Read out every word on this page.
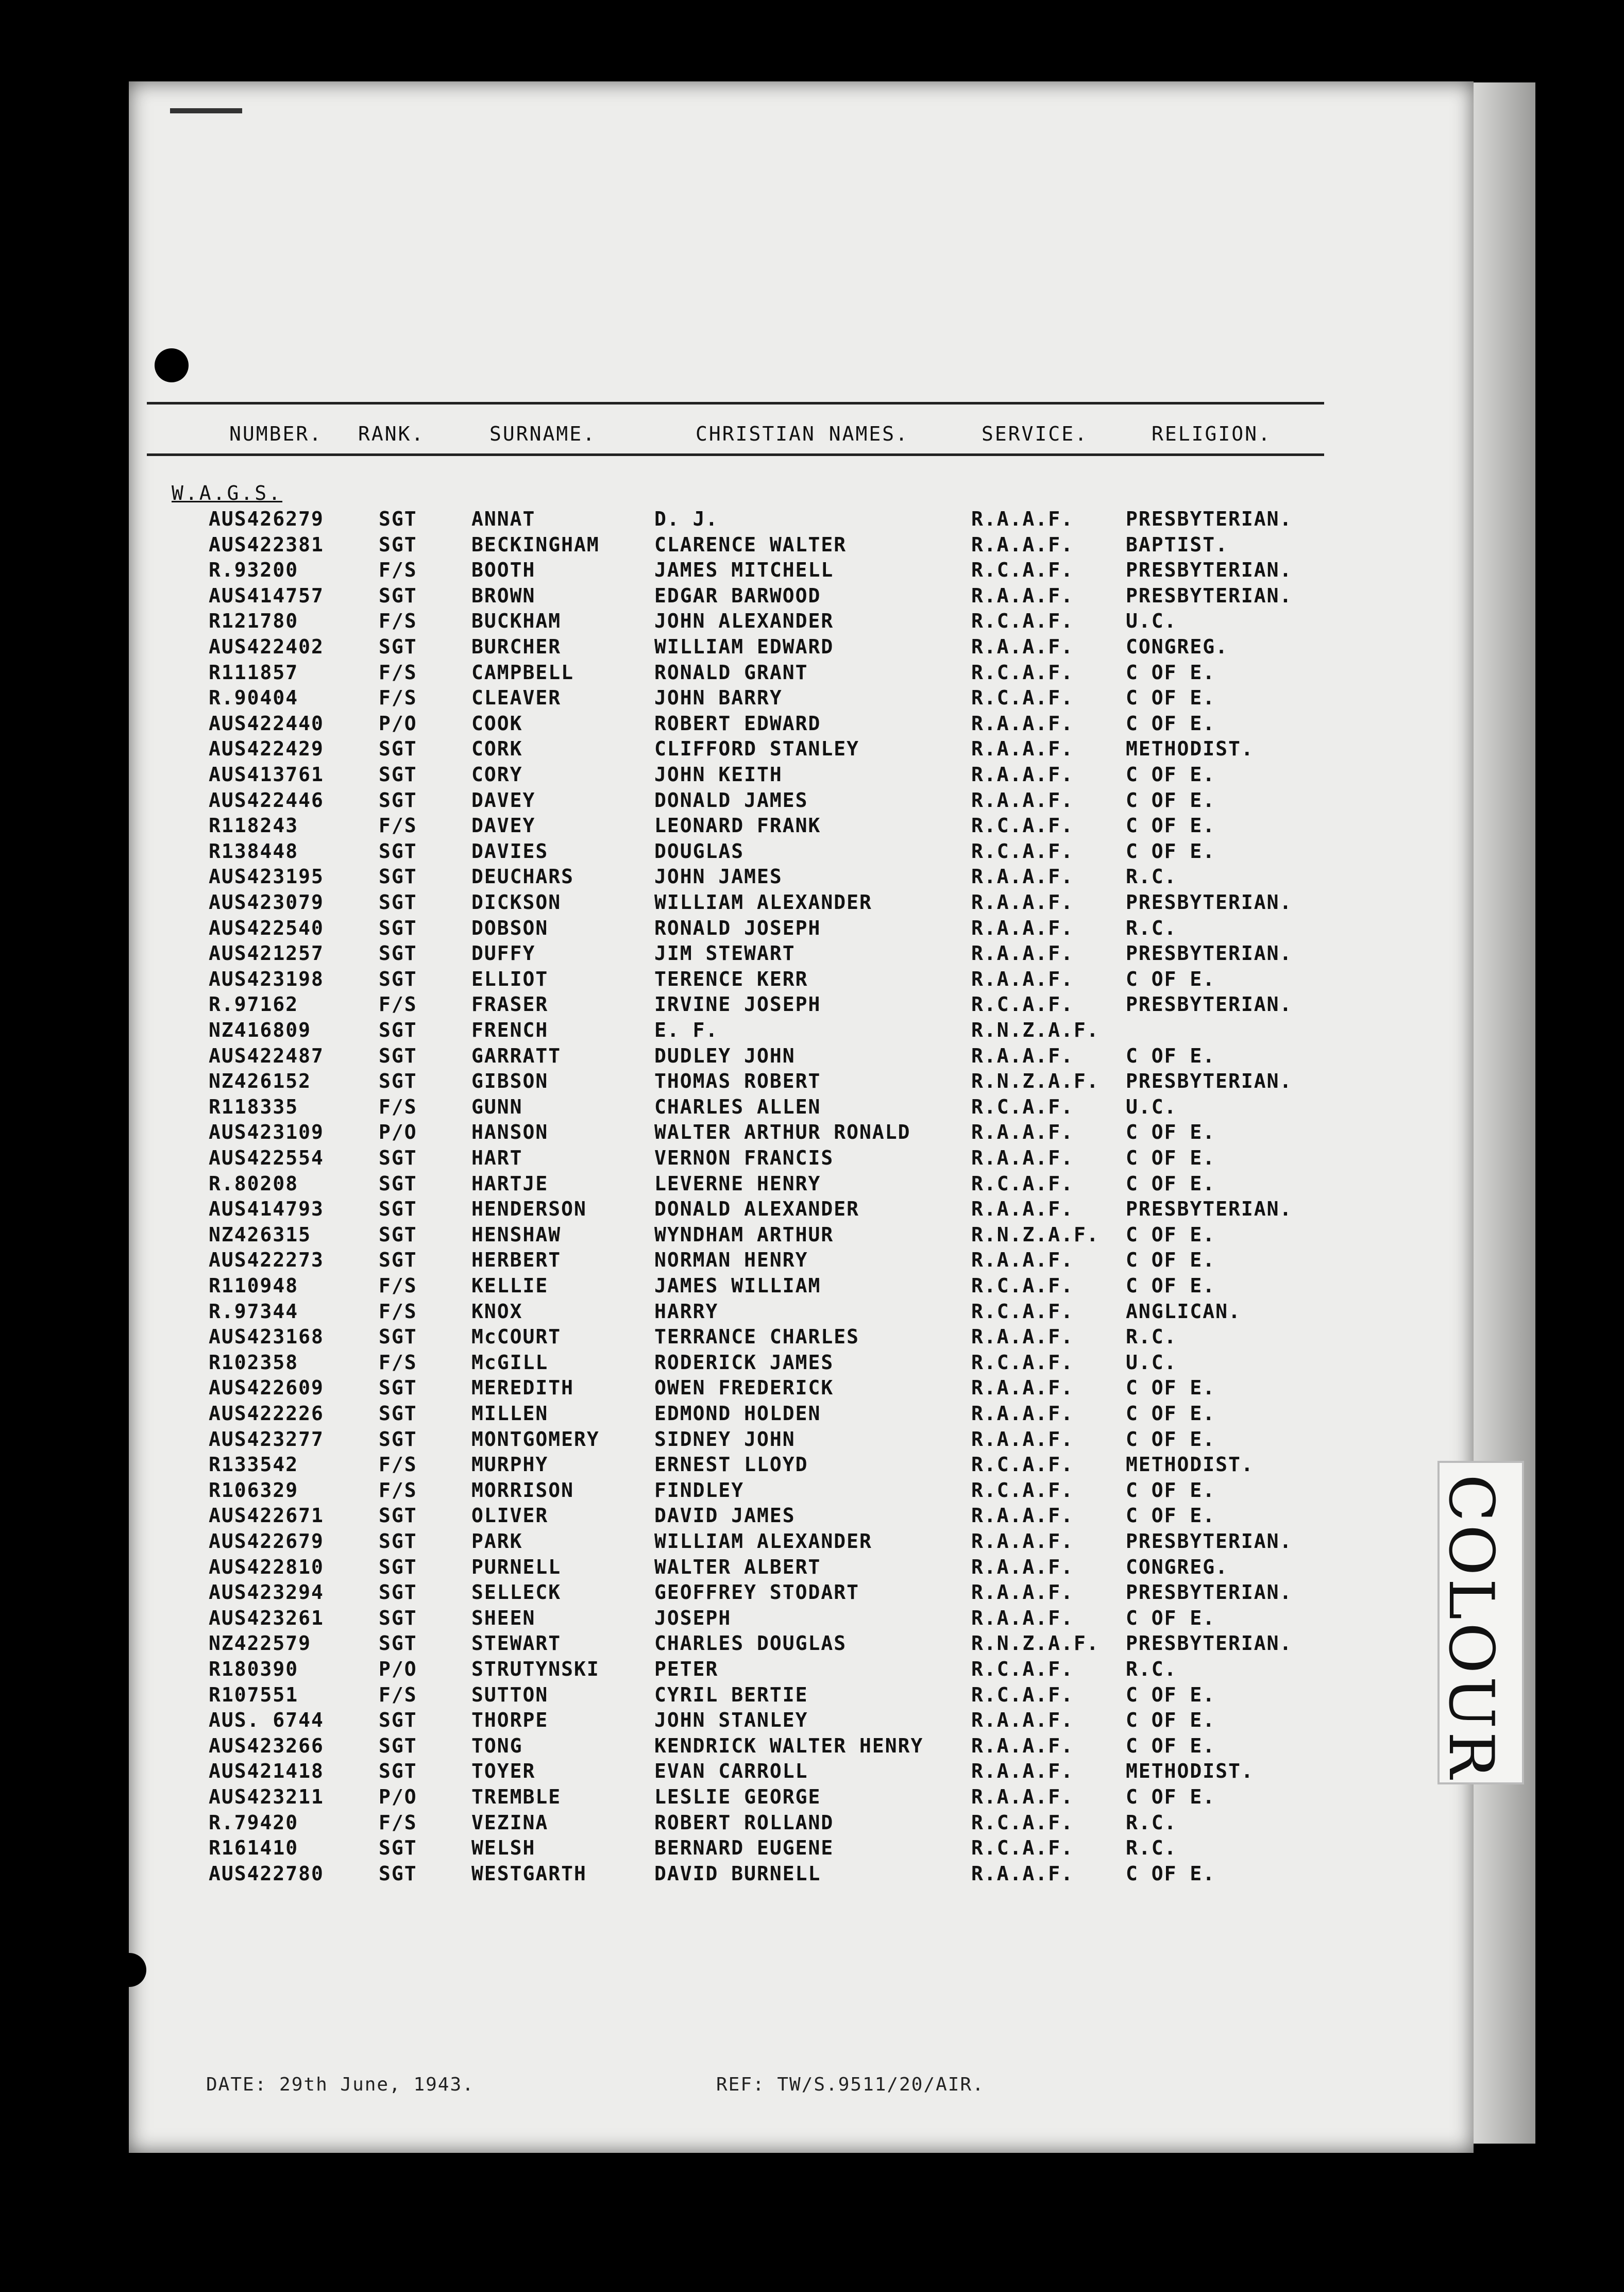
NUMBER. RANK.	SURNAME.	CHRISTIAN NAMES.	SERVICE.	RELIGION.
W.A.G.S.
AUS426279	SGT	ANNAT	D. J.	R.A.A.F.	PRESBYTERIAN.
AUS422381	SGT	BECKINGHAM	CLARENCE WALTER	R.A.A.F.	BAPTIST.
R.93200	F/S	BOOTH	JAMES MITCHELL	R.C.A.F.	PRESBYTERIAN.
AUS414757	SGT	BROWN	EDGAR BARWOOD	R.A.A.F.	PRESBYTERIAN.
R121780	F/S	BUCKHAM	JOHN ALEXANDER	R.C.A.F.	U.C.
AUS422402	SGT	BURCHER	WILLIAM EDWARD	R.A.A.F.	CONGREG.
R111857	F/S	CAMPBELL	RONALD GRANT	R.C.A.F.	C OF E.
R.90404	F/S	CLEAVER	JOHN BARRY	R.C.A.F.	C OF E.
AUS422440	P/O	COOK	ROBERT EDWARD	R.A.A.F.	C OF E.
AUS422429	SGT	CORK	CLIFFORD STANLEY	R.A.A.F.	METHODIST.
AUS413761	SGT	CORY	JOHN KEITH	R.A.A.F.	C OF E.
AUS422446	SGT	DAVEY	DONALD JAMES	R.A.A.F.	C OF E.
R118243	F/S	DAVEY	LEONARD FRANK	R.C.A.F.	C OF E.
R138448	SGT	DAVIES	DOUGLAS	R.C.A.F.	C OF E.
AUS423195	SGT	DEUCHARS	JOHN JAMES	R.A.A.F.	R.C.
AUS423079	SGT	DICKSON	WILLIAM ALEXANDER	R.A.A.F.	PRESBYTERIAN.
AUS422540	SGT	DOBSON	RONALD JOSEPH	R.A.A.F.	R.C.
AUS421257	SGT	DUFFY	JIM STEWART	R.A.A.F.	PRESBYTERIAN.
AUS423198	SGT	ELLIOT	TERENCE KERR	R.A.A.F.	C OF E.
R.97162	F/S	FRASER	IRVINE JOSEPH	R.C.A.F.	PRESBYTERIAN.
NZ416809	SGT	FRENCH	E. F.	R.N.Z.A.F.
AUS422487	SGT	GARRATT	DUDLEY JOHN	R.A.A.F.	C OF E.
NZ426152	SGT	GIBSON	THOMAS ROBERT	R.N.Z.A.F. PRESBYTERIAN.
R118335	F/S	GUNN	CHARLES ALLEN	R.C.A.F.	U.C.
AUS423109	P/O	HANSON	WALTER ARTHUR RONALD	R.A.A.F.	C OF E.
AUS422554	SGT	HART	VERNON FRANCIS	R.A.A.F.	C OF E.
R.80208	SGT	HARTJE	LEVERNE HENRY	R.C.A.F.	C OF E.
AUS414793	SGT	HENDERSON	DONALD ALEXANDER	R.A.A.F.	PRESBYTERIAN.
NZ426315	SGT	HENSHAW	WYNDHAM ARTHUR	R.N.Z.A.F. C OF E.
AUS422273	SGT	HERBERT	NORMAN HENRY	R.A.A.F.	C OF E.
R110948	F/S	KELLIE	JAMES WILLIAM	R.C.A.F.	C OF E.
R.97344	F/S	KNOX	HARRY	R.C.A.F.	ANGLICAN.
AUS423168	SGT	McCOURT	TERRANCE CHARLES	R.A.A.F.	R.C.
R102358	F/S	McGILL	RODERICK JAMES	R.C.A.F.	U.C.
AUS422609	SGT	MEREDITH	OWEN FREDERICK	R.A.A.F.	C OF E.
AUS422226	SGT	MILLEN	EDMOND HOLDEN	R.A.A.F.	C OF E.
AUS423277	SGT	MONTGOMERY	SIDNEY JOHN	R.A.A.F.	C OF E.
R133542	F/S	MURPHY	ERNEST LLOYD	R.C.A.F.	METHODIST.
R106329	F/S	MORRISON	FINDLEY	R.C.A.F.	C OF E.
AUS422671	SGT	OLIVER	DAVID JAMES	R.A.A.F.	C OF E.
AUS422679	SGT	PARK	WILLIAM ALEXANDER	R.A.A.F.	PRESBYTERIAN.
AUS422810	SGT	PURNELL	WALTER ALBERT	R.A.A.F.	CONGREG.
AUS423294	SGT	SELLECK	GEOFFREY STODART	R.A.A.F.	PRESBYTERIAN.
AUS423261	SGT	SHEEN	JOSEPH	R.A.A.F.	C OF E.
NZ422579	SGT	STEWART	CHARLES DOUGLAS	R.N.Z.A.F. PRESBYTERIAN.
R180390	P/O	STRUTYNSKI	PETER	R.C.A.F.	R.C.
R107551	F/S	SUTTON	CYRIL BERTIE	R.C.A.F.	C OF E.
AUS. 6744	SGT	THORPE	JOHN STANLEY	R.A.A.F.	C OF E.
AUS423266	SGT	TONG	KENDRICK WALTER HENRY R.A.A.F.	C OF E.
AUS421418	SGT	TOYER	EVAN CARROLL	R.A.A.F.	METHODIST.
AUS423211	P/O	TREMBLE	LESLIE GEORGE	R.A.A.F.	C OF E.
R.79420	F/S	VEZINA	ROBERT ROLLAND	R.C.A.F.	R.C.
R161410	SGT	WELSH	BERNARD EUGENE	R.C.A.F.	R.C.
AUS422780	SGT	WESTGARTH	DAVID BURNELL	R.A.A.F.	C OF E.
DATE: 29th June, 1943.	REF: TW/S.9511/20/AIR.
COLOUR
